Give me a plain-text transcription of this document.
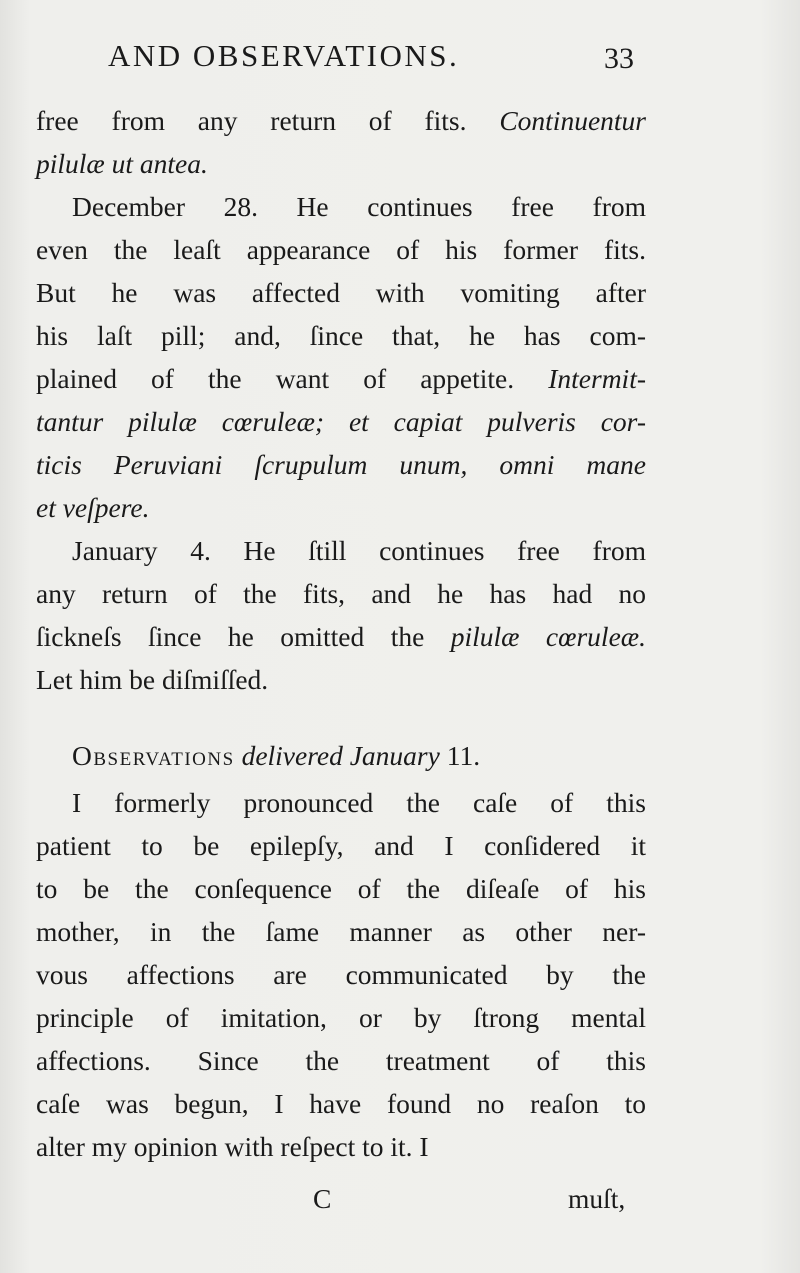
AND OBSERVATIONS.	33
free from any return of fits. Continuentur
pilulæ ut antea.
December 28. He continues free from
even the leaſt appearance of his former fits.
But he was affected with vomiting after
his laſt pill; and, ſince that, he has com-
plained of the want of appetite. Intermit-
tantur pilulæ cœruleæ; et capiat pulveris cor-
ticis Peruviani ſcrupulum unum, omni mane
et veſpere.
January 4. He ſtill continues free from
any return of the fits, and he has had no
ſickneſs ſince he omitted the pilulæ cœruleæ.
Let him be diſmiſſed.
Observations delivered January 11.
I formerly pronounced the caſe of this
patient to be epilepſy, and I conſidered it
to be the conſequence of the diſeaſe of his
mother, in the ſame manner as other ner-
vous affections are communicated by the
principle of imitation, or by ſtrong mental
affections. Since the treatment of this
caſe was begun, I have found no reaſon to
alter my opinion with reſpect to it. I
C	muſt,
